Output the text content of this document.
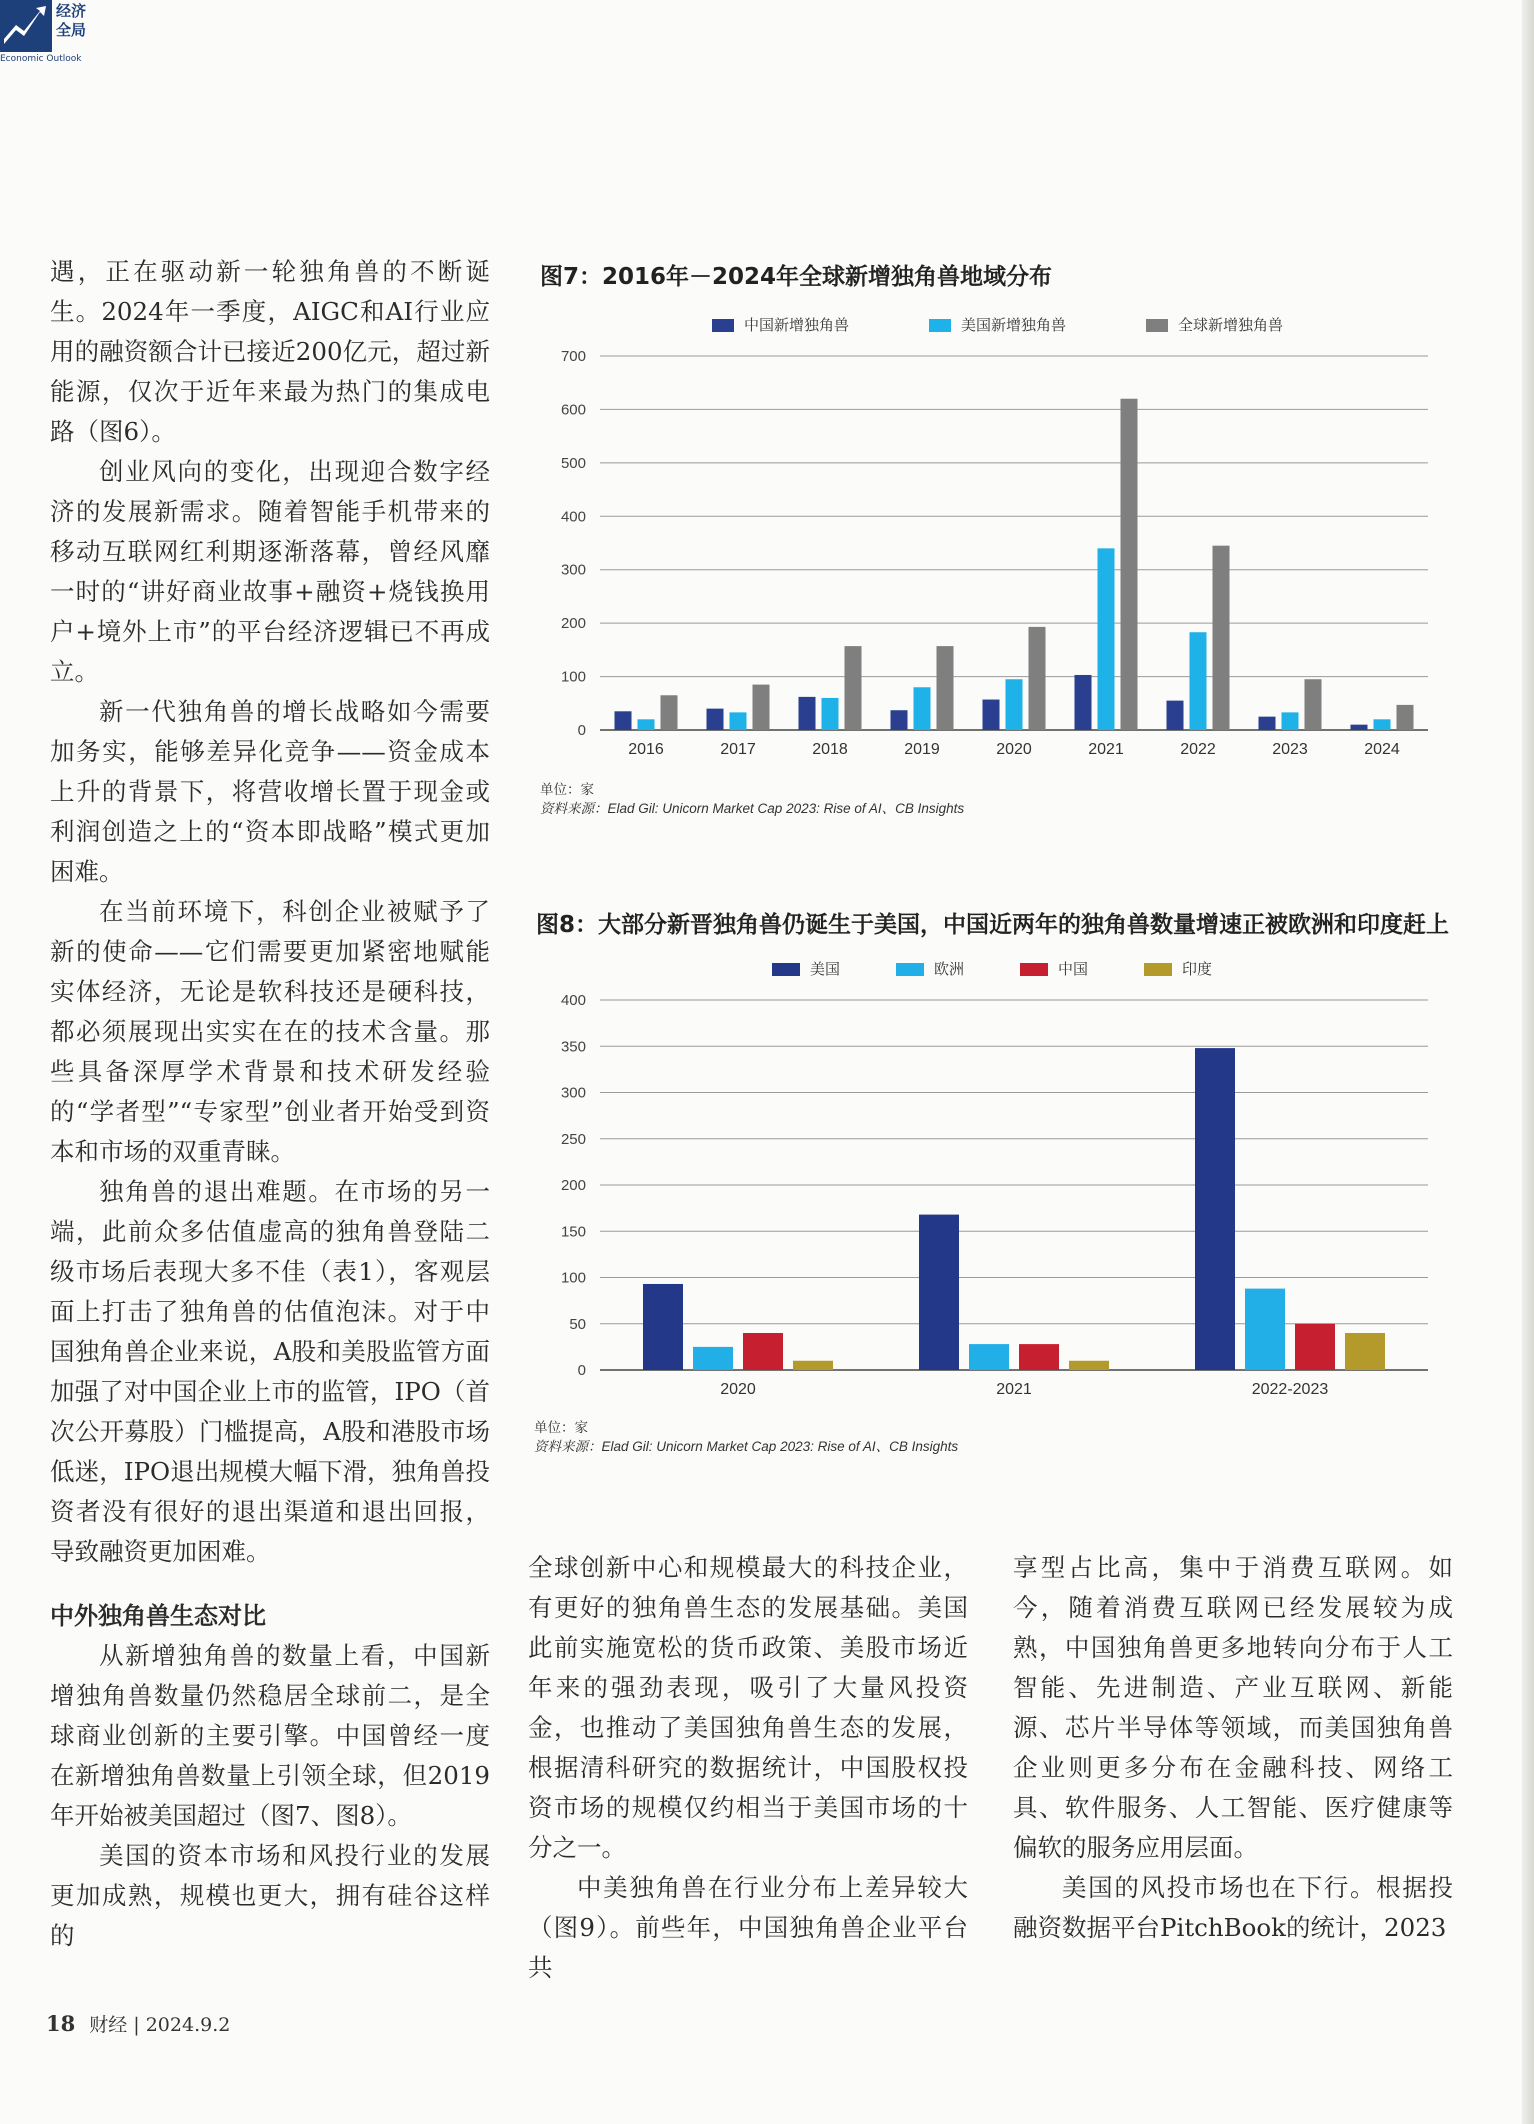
经济
全局
Economic Outlook

遇，正在驱动新一轮独角兽的不断诞生。2024年一季度，AIGC和AI行业应用的融资额合计已接近200亿元，超过新能源，仅次于近年来最为热门的集成电路（图6）。

创业风向的变化，出现迎合数字经济的发展新需求。随着智能手机带来的移动互联网红利期逐渐落幕，曾经风靡一时的“讲好商业故事+融资+烧钱换用户+境外上市”的平台经济逻辑已不再成立。

新一代独角兽的增长战略如今需要加务实，能够差异化竞争——资金成本上升的背景下，将营收增长置于现金或利润创造之上的“资本即战略”模式更加困难。

在当前环境下，科创企业被赋予了新的使命——它们需要更加紧密地赋能实体经济，无论是软科技还是硬科技，都必须展现出实实在在的技术含量。那些具备深厚学术背景和技术研发经验的“学者型”“专家型”创业者开始受到资本和市场的双重青睐。

独角兽的退出难题。在市场的另一端，此前众多估值虚高的独角兽登陆二级市场后表现大多不佳（表1），客观层面上打击了独角兽的估值泡沫。对于中国独角兽企业来说，A股和美股监管方面加强了对中国企业上市的监管，IPO（首次公开募股）门槛提高，A股和港股市场低迷，IPO退出规模大幅下滑，独角兽投资者没有很好的退出渠道和退出回报，导致融资更加困难。

中外独角兽生态对比

从新增独角兽的数量上看，中国新增独角兽数量仍然稳居全球前二，是全球商业创新的主要引擎。中国曾经一度在新增独角兽数量上引领全球，但2019年开始被美国超过（图7、图8）。

美国的资本市场和风投行业的发展更加成熟，规模也更大，拥有硅谷这样的

图7：2016年－2024年全球新增独角兽地域分布
中国新增独角兽	美国新增独角兽	全球新增独角兽
0
100
200
300
400
500
600
700
2016	2017	2018	2019	2020	2021	2022	2023	2024
单位：家
资料来源：Elad Gil: Unicorn Market Cap 2023: Rise of AI、CB Insights
图8：大部分新晋独角兽仍诞生于美国，中国近两年的独角兽数量增速正被欧洲和印度赶上
美国	欧洲	中国	印度
0
50
100
150
200
250
300
350
400
2020	2021	2022-2023
单位：家
资料来源：Elad Gil: Unicorn Market Cap 2023: Rise of AI、CB Insights

全球创新中心和规模最大的科技企业，有更好的独角兽生态的发展基础。美国此前实施宽松的货币政策、美股市场近年来的强劲表现，吸引了大量风投资金，也推动了美国独角兽生态的发展，根据清科研究的数据统计，中国股权投资市场的规模仅约相当于美国市场的十分之一。

中美独角兽在行业分布上差异较大（图9）。前些年，中国独角兽企业平台共

享型占比高，集中于消费互联网。如今，随着消费互联网已经发展较为成熟，中国独角兽更多地转向分布于人工智能、先进制造、产业互联网、新能源、芯片半导体等领域，而美国独角兽企业则更多分布在金融科技、网络工具、软件服务、人工智能、医疗健康等偏软的服务应用层面。

美国的风投市场也在下行。根据投融资数据平台PitchBook的统计，2023

18 财经 | 2024.9.2
